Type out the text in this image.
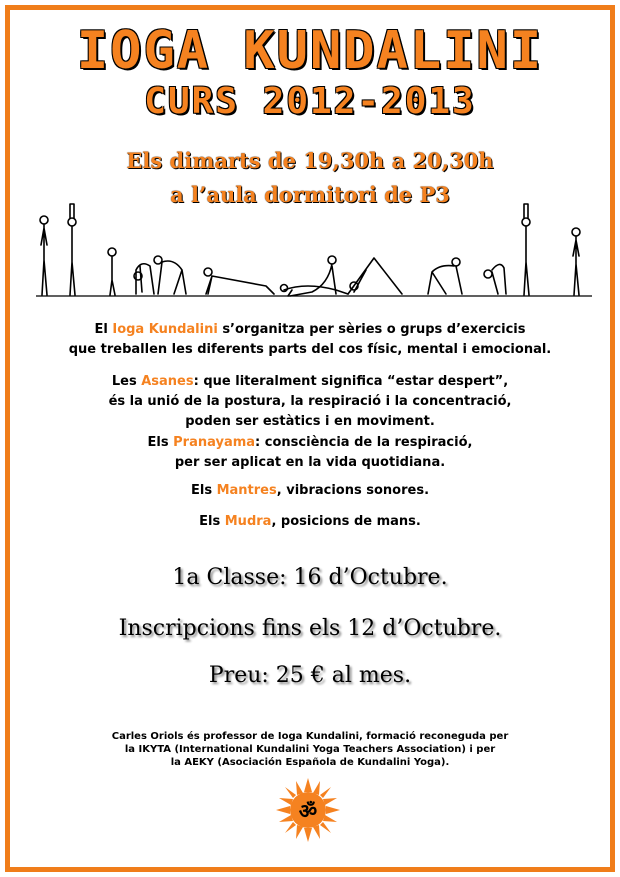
IOGA KUNDALINI
CURS 2012-2013
Els dimarts de 19,30h a 20,30h
a l’aula dormitori de P3
El Ioga Kundalini s’organitza per sèries o grups d’exercicis
que treballen les diferents parts del cos físic, mental i emocional.
Les Asanes: que literalment significa “estar despert”,
és la unió de la postura, la respiració i la concentració,
poden ser estàtics i en moviment.
Els Pranayama: consciència de la respiració,
per ser aplicat en la vida quotidiana.
Els Mantres, vibracions sonores.
Els Mudra, posicions de mans.
1a Classe: 16 d’Octubre.
Inscripcions fins els 12 d’Octubre.
Preu: 25 € al mes.
Carles Oriols és professor de Ioga Kundalini, formació reconeguda per
la IKYTA (International Kundalini Yoga Teachers Association) i per
la AEKY (Asociación Española de Kundalini Yoga).
ॐ
